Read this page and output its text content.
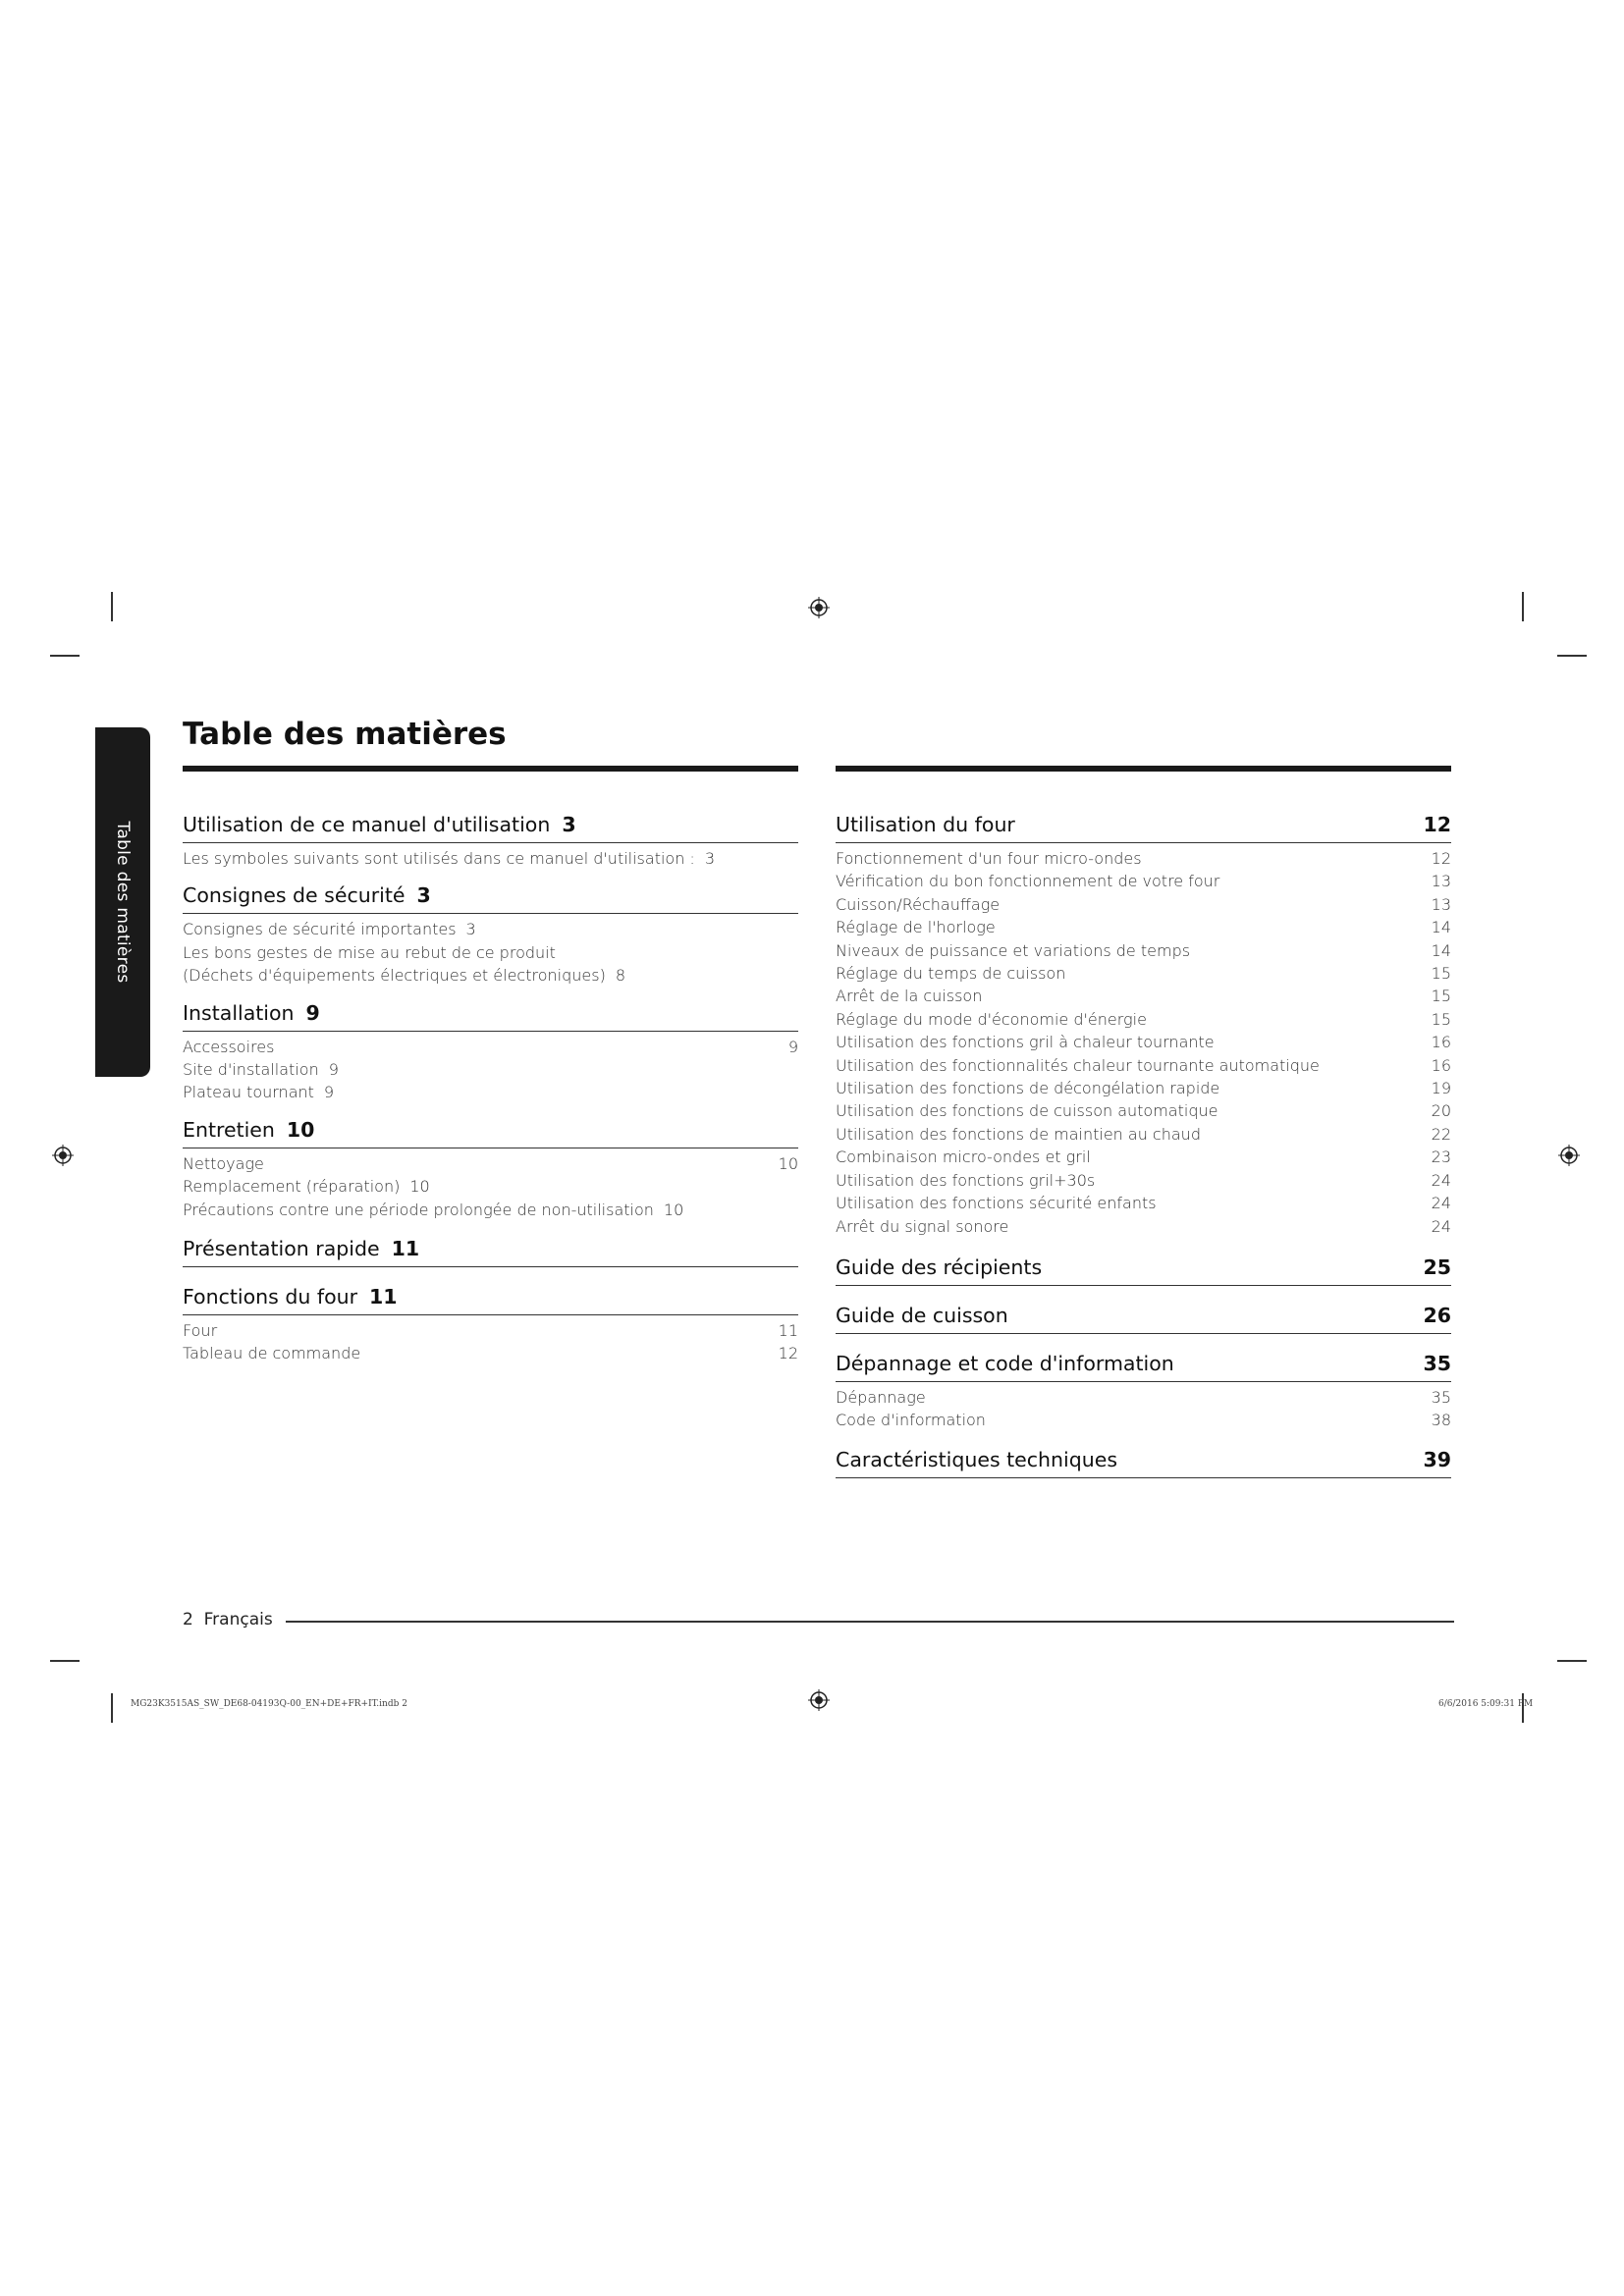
Table des matières
Table des matières
Utilisation de ce manuel d'utilisation 3
Les symboles suivants sont utilisés dans ce manuel d'utilisation : 3
Consignes de sécurité 3
Consignes de sécurité importantes 3
Les bons gestes de mise au rebut de ce produit
(Déchets d'équipements électriques et électroniques) 8
Installation 9
Accessoires	9
Site d'installation 9
Plateau tournant 9
Entretien 10
Nettoyage	10
Remplacement (réparation) 10
Précautions contre une période prolongée de non-utilisation 10
Présentation rapide 11
Fonctions du four 11
Four	11
Tableau de commande	12
Utilisation du four	12
Fonctionnement d'un four micro-ondes	12
Vérification du bon fonctionnement de votre four	13
Cuisson/Réchauffage	13
Réglage de l'horloge	14
Niveaux de puissance et variations de temps	14
Réglage du temps de cuisson	15
Arrêt de la cuisson	15
Réglage du mode d'économie d'énergie	15
Utilisation des fonctions gril à chaleur tournante	16
Utilisation des fonctionnalités chaleur tournante automatique	16
Utilisation des fonctions de décongélation rapide	19
Utilisation des fonctions de cuisson automatique	20
Utilisation des fonctions de maintien au chaud	22
Combinaison micro-ondes et gril	23
Utilisation des fonctions gril+30s	24
Utilisation des fonctions sécurité enfants	24
Arrêt du signal sonore	24
Guide des récipients	25
Guide de cuisson	26
Dépannage et code d'information	35
Dépannage	35
Code d'information	38
Caractéristiques techniques	39
2 Français
MG23K3515AS_SW_DE68-04193Q-00_EN+DE+FR+IT.indb 2	6/6/2016 5:09:31 PM
